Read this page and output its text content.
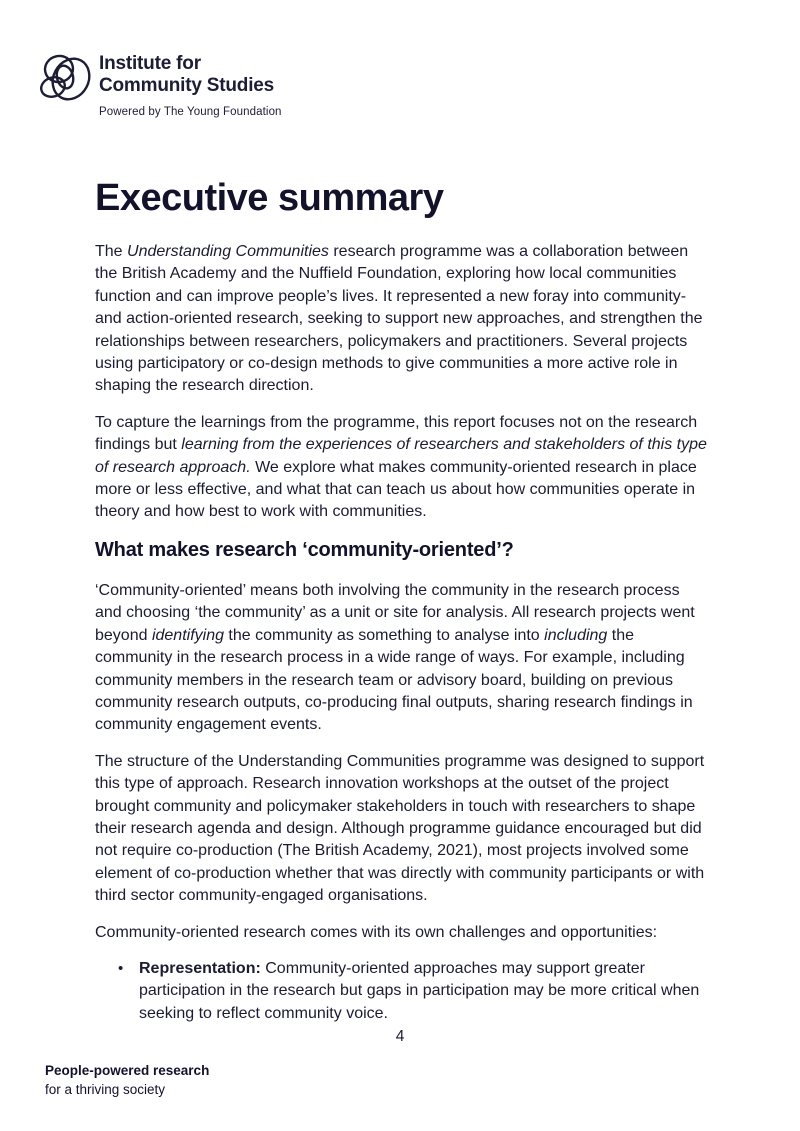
Institute for
Community Studies
Powered by The Young Foundation
Executive summary

The Understanding Communities research programme was a collaboration between the British Academy and the Nuffield Foundation, exploring how local communities function and can improve people’s lives. It represented a new foray into community- and action-oriented research, seeking to support new approaches, and strengthen the relationships between researchers, policymakers and practitioners. Several projects using participatory or co-design methods to give communities a more active role in shaping the research direction.

To capture the learnings from the programme, this report focuses not on the research findings but learning from the experiences of researchers and stakeholders of this type of research approach. We explore what makes community-oriented research in place more or less effective, and what that can teach us about how communities operate in theory and how best to work with communities.

What makes research ‘community-oriented’?

‘Community-oriented’ means both involving the community in the research process and choosing ‘the community’ as a unit or site for analysis. All research projects went beyond identifying the community as something to analyse into including the community in the research process in a wide range of ways. For example, including community members in the research team or advisory board, building on previous community research outputs, co-producing final outputs, sharing research findings in community engagement events.

The structure of the Understanding Communities programme was designed to support this type of approach. Research innovation workshops at the outset of the project brought community and policymaker stakeholders in touch with researchers to shape their research agenda and design. Although programme guidance encouraged but did not require co-production (The British Academy, 2021), most projects involved some element of co-production whether that was directly with community participants or with third sector community-engaged organisations.

Community-oriented research comes with its own challenges and opportunities:

• Representation: Community-oriented approaches may support greater participation in the research but gaps in participation may be more critical when seeking to reflect community voice.
4
People-powered research
for a thriving society
